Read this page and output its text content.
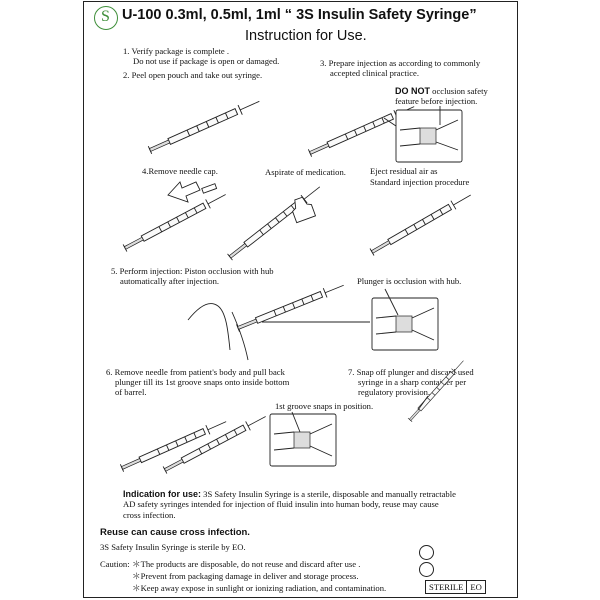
S U-100 0.3ml, 0.5ml, 1ml “ 3S Insulin Safety Syringe”
Instruction for Use.
1. Verify package is complete .
Do not use if package is open or damaged.
2. Peel open pouch and take out syringe.
3. Prepare injection as according to commonly
accepted clinical practice.
DO NOT occlusion safety
feature before injection.
4.Remove needle cap.	Aspirate of medication.	Eject residual air as
Standard injection procedure
5. Perform injection: Piston occlusion with hub
automatically after injection.	Plunger is occlusion with hub.
6. Remove needle from patient's body and pull back
plunger till its 1st groove snaps onto inside bottom
of barrel.
7. Snap off plunger and discard used
syringe in a sharp container per
regulatory provision.
1st groove snaps in position.
Indication for use: 3S Safety Insulin Syringe is a sterile, disposable and manually retractable
AD safety syringes intended for injection of fluid insulin into human body, reuse may cause
cross infection.
Reuse can cause cross infection.
3S Safety Insulin Syringe is sterile by EO.
Caution: ＊The products are disposable, do not reuse and discard after use .
＊Prevent from packaging damage in deliver and storage process.
＊Keep away expose in sunlight or ionizing radiation, and contamination.	STERILE EO
